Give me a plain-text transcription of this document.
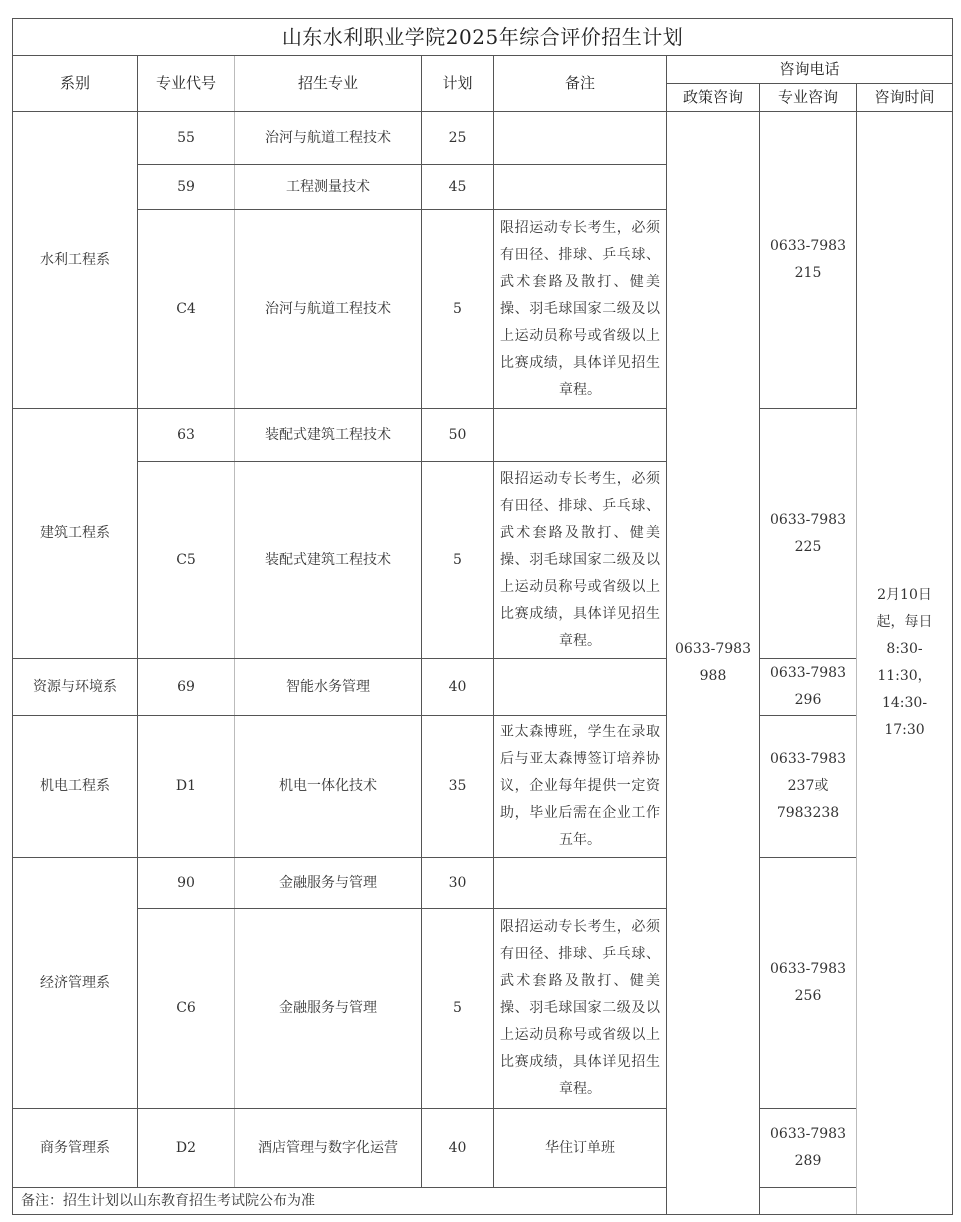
山东水利职业学院2025年综合评价招生计划								
系别	专业代号	招生专业	计划	备注	咨询电话			
					政策咨询	专业咨询	咨询时间	
水利工程系	55	治河与航道工程技术	25		0633-7983 988	0633-7983 215	2月10日起，每日8:30-11:30，14:30-17:30	
	59	工程测量技术	45					
	C4	治河与航道工程技术	5	限招运动专长考生，必须有田径、排球、乒乓球、武术套路及散打、健美操、羽毛球国家二级及以上运动员称号或省级以上比赛成绩，具体详见招生章程。				
建筑工程系	63	装配式建筑工程技术	50			0633-7983 225		
	C5	装配式建筑工程技术	5	限招运动专长考生，必须有田径、排球、乒乓球、武术套路及散打、健美操、羽毛球国家二级及以上运动员称号或省级以上比赛成绩，具体详见招生章程。				
资源与环境系	69	智能水务管理	40			0633-7983 296		
机电工程系	D1	机电一体化技术	35	亚太森博班，学生在录取后与亚太森博签订培养协议，企业每年提供一定资助，毕业后需在企业工作五年。		0633-7983 237或7983238		
经济管理系	90	金融服务与管理	30			0633-7983 256		
	C6	金融服务与管理	5	限招运动专长考生，必须有田径、排球、乒乓球、武术套路及散打、健美操、羽毛球国家二级及以上运动员称号或省级以上比赛成绩，具体详见招生章程。				
商务管理系	D2	酒店管理与数字化运营	40	华住订单班		0633-7983 289		
备注：招生计划以山东教育招生考试院公布为准								
